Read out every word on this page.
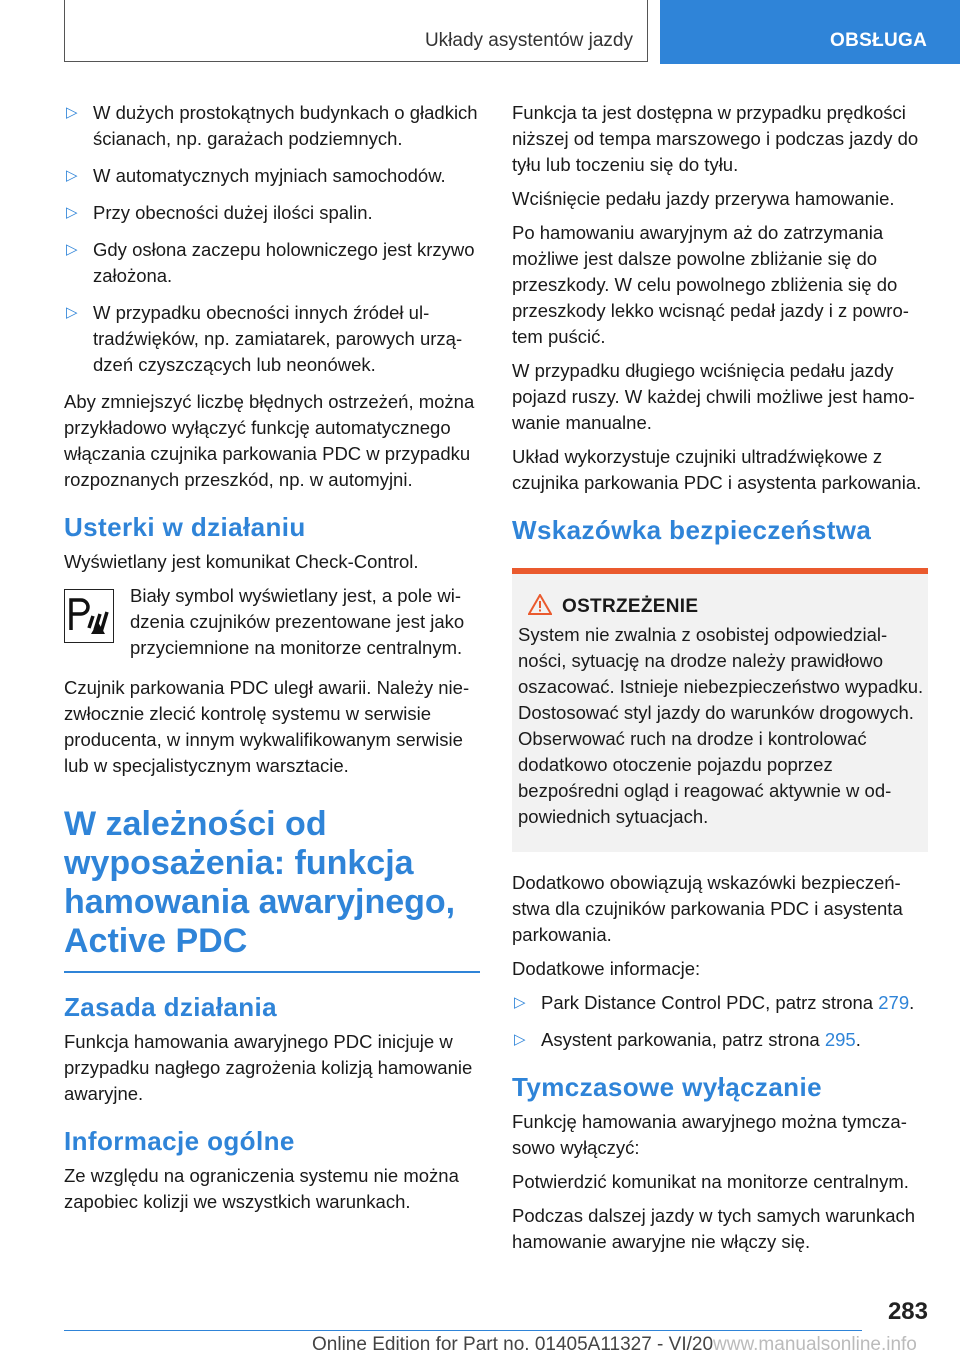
Układy asystentów jazdy	OBSŁUGA
▷ W dużych prostokątnych budynkach o gładkich ścianach, np. garażach podziemnych.
▷ W automatycznych myjniach samochodów.
▷ Przy obecności dużej ilości spalin.
▷ Gdy osłona zaczepu holowniczego jest krzywo założona.
▷ W przypadku obecności innych źródeł ultradźwięków, np. zamiatarek, parowych urządzeń czyszczących lub neonówek.

Aby zmniejszyć liczbę błędnych ostrzeżeń, można przykładowo wyłączyć funkcję automatycznego włączania czujnika parkowania PDC w przypadku rozpoznanych przeszkód, np. w automyjni.

Usterki w działaniu

Wyświetlany jest komunikat Check-Control.

Biały symbol wyświetlany jest, a pole widzenia czujników prezentowane jest jako przyciemnione na monitorze centralnym.

Czujnik parkowania PDC uległ awarii. Należy niezwłocznie zlecić kontrolę systemu w serwisie producenta, w innym wykwalifikowanym serwisie lub w specjalistycznym warsztacie.

W zależności od wyposażenia: funkcja hamowania awaryjnego, Active PDC
Zasada działania

Funkcja hamowania awaryjnego PDC inicjuje w przypadku nagłego zagrożenia kolizją hamowanie awaryjne.

Informacje ogólne

Ze względu na ograniczenia systemu nie można zapobiec kolizji we wszystkich warunkach.

Funkcja ta jest dostępna w przypadku prędkości niższej od tempa marszowego i podczas jazdy do tyłu lub toczeniu się do tyłu.

Wciśnięcie pedału jazdy przerywa hamowanie.

Po hamowaniu awaryjnym aż do zatrzymania możliwe jest dalsze powolne zbliżanie się do przeszkody. W celu powolnego zbliżenia się do przeszkody lekko wcisnąć pedał jazdy i z powrotem puścić.

W przypadku długiego wciśnięcia pedału jazdy pojazd ruszy. W każdej chwili możliwe jest hamowanie manualne.

Układ wykorzystuje czujniki ultradźwiękowe z czujnika parkowania PDC i asystenta parkowania.

Wskazówka bezpieczeństwa
OSTRZEŻENIE

System nie zwalnia z osobistej odpowiedzialności, sytuację na drodze należy prawidłowo oszacować. Istnieje niebezpieczeństwo wypadku. Dostosować styl jazdy do warunków drogowych. Obserwować ruch na drodze i kontrolować dodatkowo otoczenie pojazdu poprzez bezpośredni ogląd i reagować aktywnie w odpowiednich sytuacjach.

Dodatkowo obowiązują wskazówki bezpieczeństwa dla czujników parkowania PDC i asystenta parkowania.

Dodatkowe informacje:

▷ Park Distance Control PDC, patrz strona 279.
▷ Asystent parkowania, patrz strona 295.
Tymczasowe wyłączanie

Funkcję hamowania awaryjnego można tymczasowo wyłączyć:

Potwierdzić komunikat na monitorze centralnym.

Podczas dalszej jazdy w tych samych warunkach hamowanie awaryjne nie włączy się.

283
Online Edition for Part no. 01405A11327 - VI/20www.manualsonline.info
